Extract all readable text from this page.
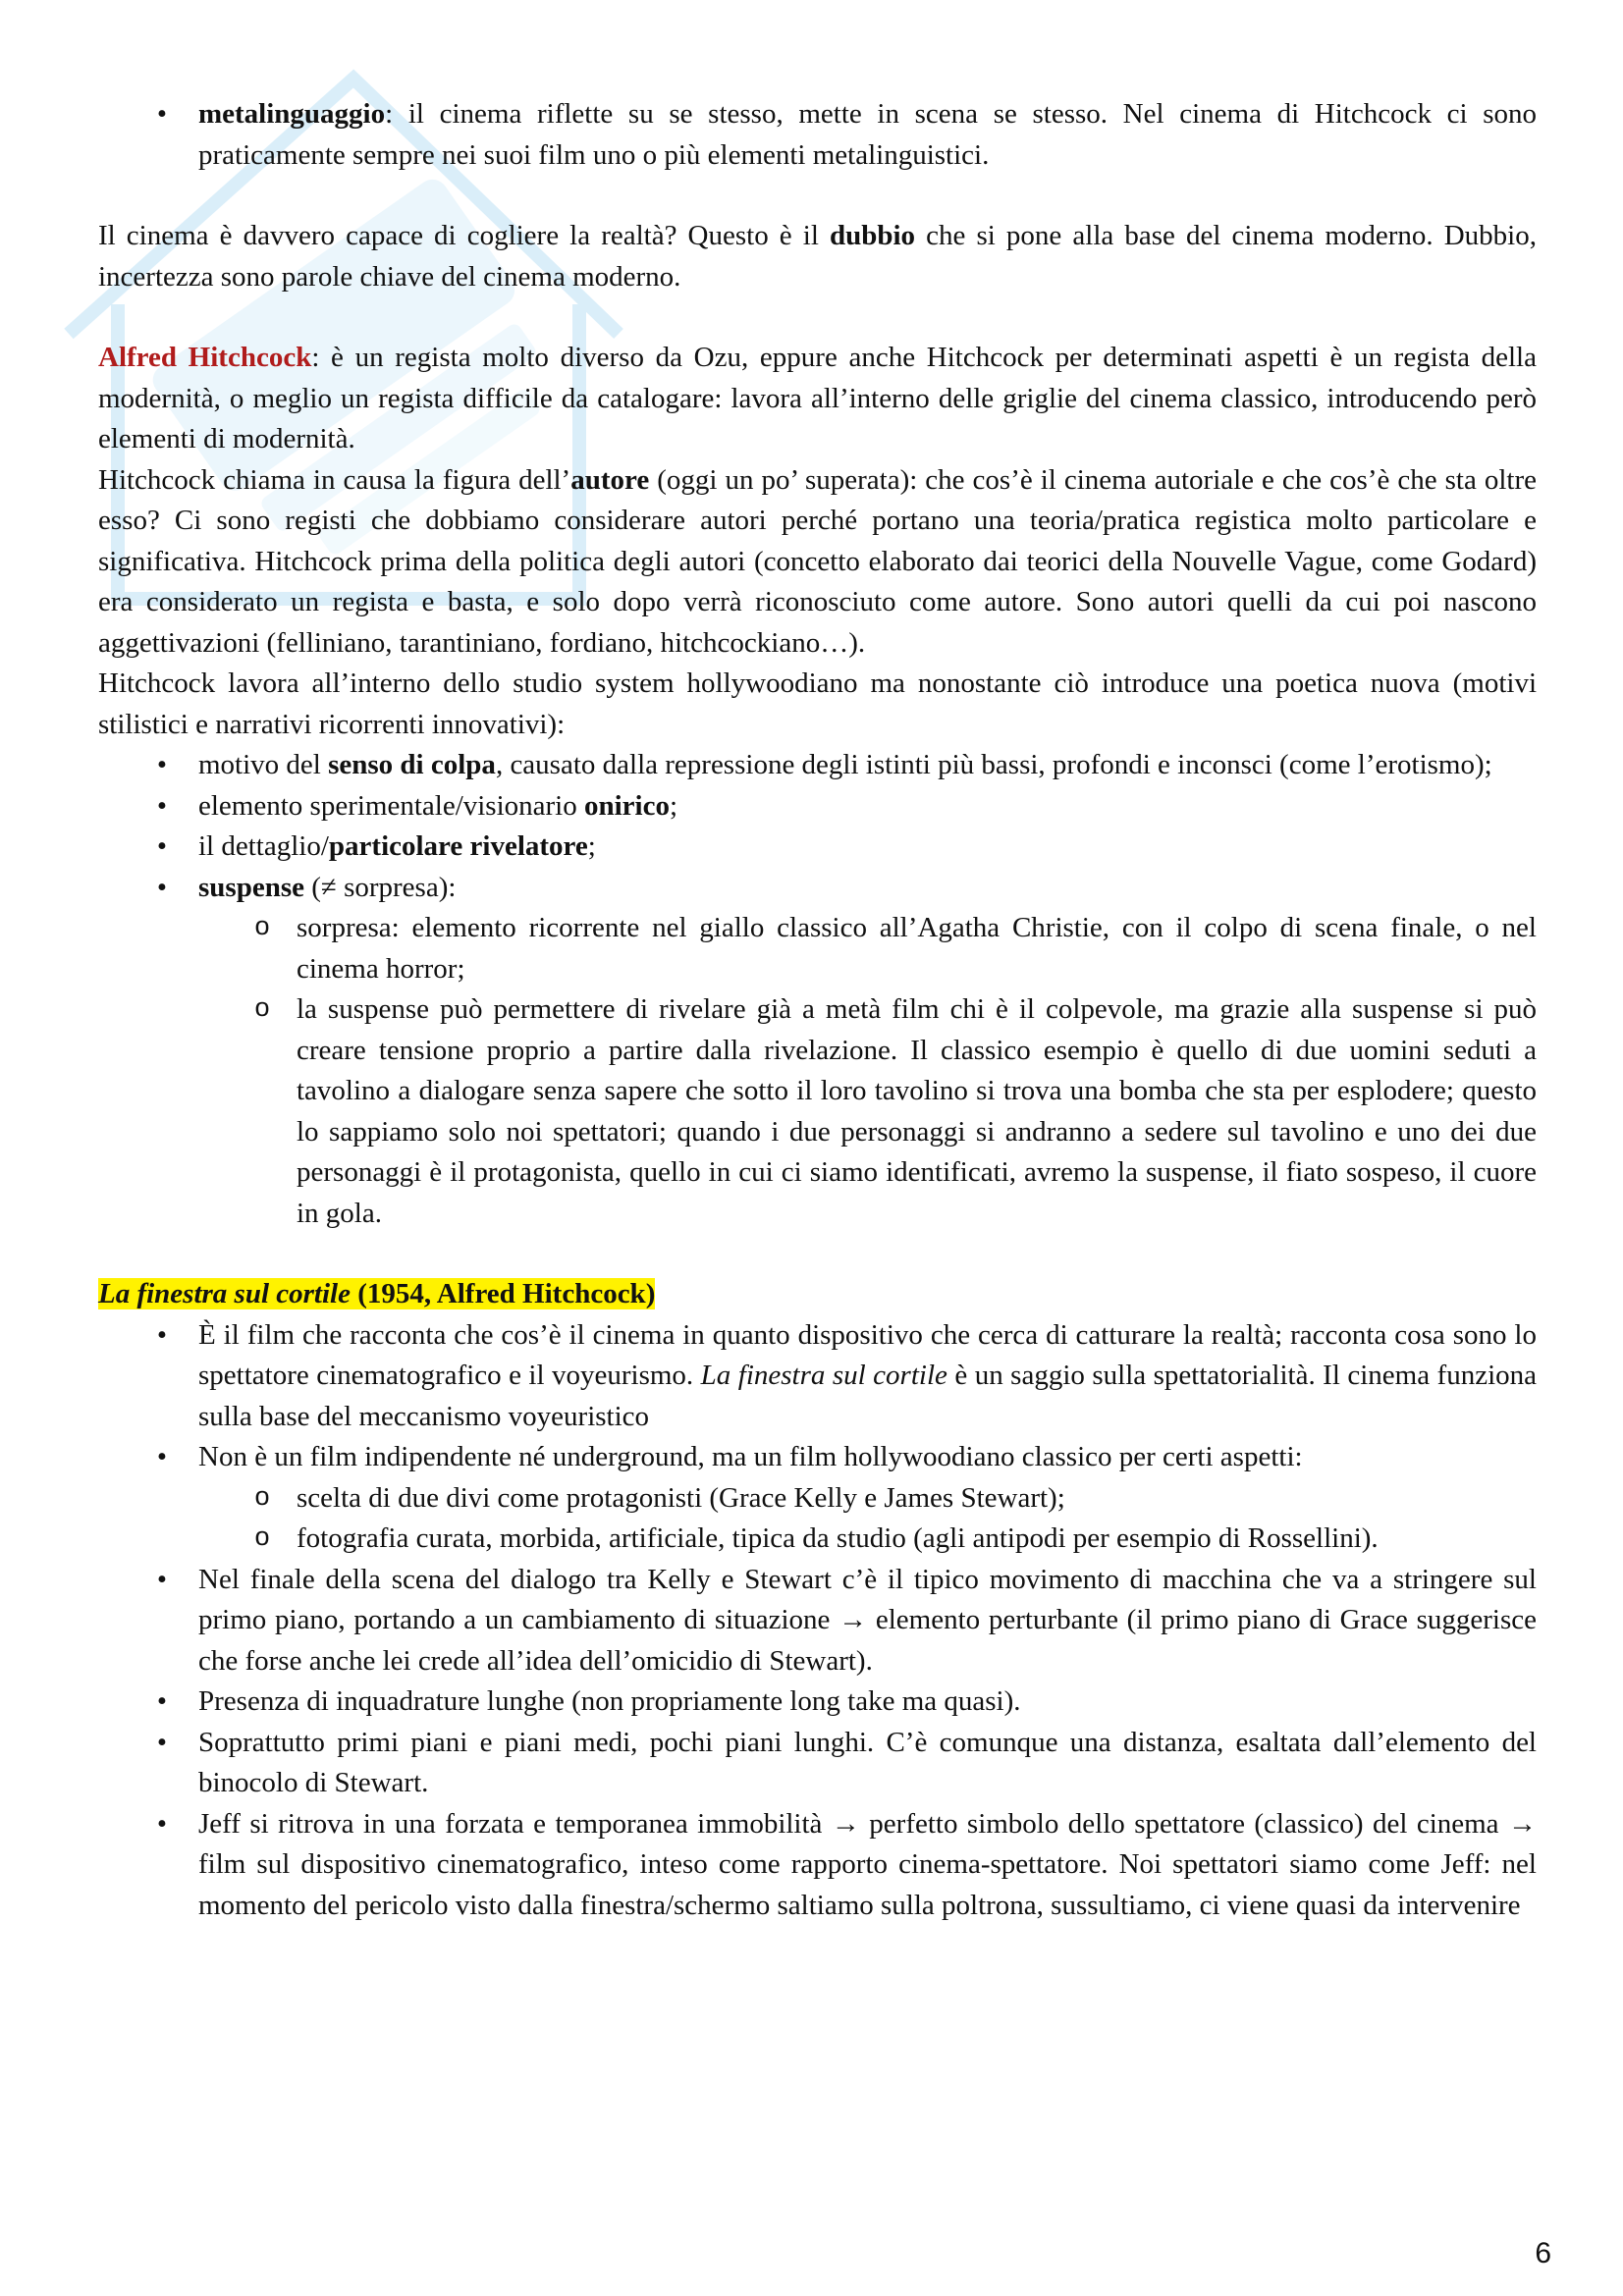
•	metalinguaggio: il cinema riflette su se stesso, mette in scena se stesso. Nel cinema di Hitchcock ci sono praticamente sempre nei suoi film uno o più elementi metalinguistici.

Il cinema è davvero capace di cogliere la realtà? Questo è il dubbio che si pone alla base del cinema moderno. Dubbio, incertezza sono parole chiave del cinema moderno.

Alfred Hitchcock: è un regista molto diverso da Ozu, eppure anche Hitchcock per determinati aspetti è un regista della modernità, o meglio un regista difficile da catalogare: lavora all’interno delle griglie del cinema classico, introducendo però elementi di modernità.

Hitchcock chiama in causa la figura dell’autore (oggi un po’ superata): che cos’è il cinema autoriale e che cos’è che sta oltre esso? Ci sono registi che dobbiamo considerare autori perché portano una teoria/pratica registica molto particolare e significativa. Hitchcock prima della politica degli autori (concetto elaborato dai teorici della Nouvelle Vague, come Godard) era considerato un regista e basta, e solo dopo verrà riconosciuto come autore. Sono autori quelli da cui poi nascono aggettivazioni (felliniano, tarantiniano, fordiano, hitchcockiano…).

Hitchcock lavora all’interno dello studio system hollywoodiano ma nonostante ciò introduce una poetica nuova (motivi stilistici e narrativi ricorrenti innovativi):

•	motivo del senso di colpa, causato dalla repressione degli istinti più bassi, profondi e inconsci (come l’erotismo);
•	elemento sperimentale/visionario onirico;
•	il dettaglio/particolare rivelatore;
•	suspense (≠ sorpresa):
o sorpresa: elemento ricorrente nel giallo classico all’Agatha Christie, con il colpo di scena finale, o nel cinema horror;
o la suspense può permettere di rivelare già a metà film chi è il colpevole, ma grazie alla suspense si può creare tensione proprio a partire dalla rivelazione. Il classico esempio è quello di due uomini seduti a tavolino a dialogare senza sapere che sotto il loro tavolino si trova una bomba che sta per esplodere; questo lo sappiamo solo noi spettatori; quando i due personaggi si andranno a sedere sul tavolino e uno dei due personaggi è il protagonista, quello in cui ci siamo identificati, avremo la suspense, il fiato sospeso, il cuore in gola.

La finestra sul cortile (1954, Alfred Hitchcock)

•	È il film che racconta che cos’è il cinema in quanto dispositivo che cerca di catturare la realtà; racconta cosa sono lo spettatore cinematografico e il voyeurismo. La finestra sul cortile è un saggio sulla spettatorialità. Il cinema funziona sulla base del meccanismo voyeuristico
•	Non è un film indipendente né underground, ma un film hollywoodiano classico per certi aspetti:
o scelta di due divi come protagonisti (Grace Kelly e James Stewart);
o fotografia curata, morbida, artificiale, tipica da studio (agli antipodi per esempio di Rossellini).
•	Nel finale della scena del dialogo tra Kelly e Stewart c’è il tipico movimento di macchina che va a stringere sul primo piano, portando a un cambiamento di situazione → elemento perturbante (il primo piano di Grace suggerisce che forse anche lei crede all’idea dell’omicidio di Stewart).
•	Presenza di inquadrature lunghe (non propriamente long take ma quasi).
•	Soprattutto primi piani e piani medi, pochi piani lunghi. C’è comunque una distanza, esaltata dall’elemento del binocolo di Stewart.
•	Jeff si ritrova in una forzata e temporanea immobilità → perfetto simbolo dello spettatore (classico) del cinema → film sul dispositivo cinematografico, inteso come rapporto cinema-spettatore. Noi spettatori siamo come Jeff: nel momento del pericolo visto dalla finestra/schermo saltiamo sulla poltrona, sussultiamo, ci viene quasi da intervenire
6
